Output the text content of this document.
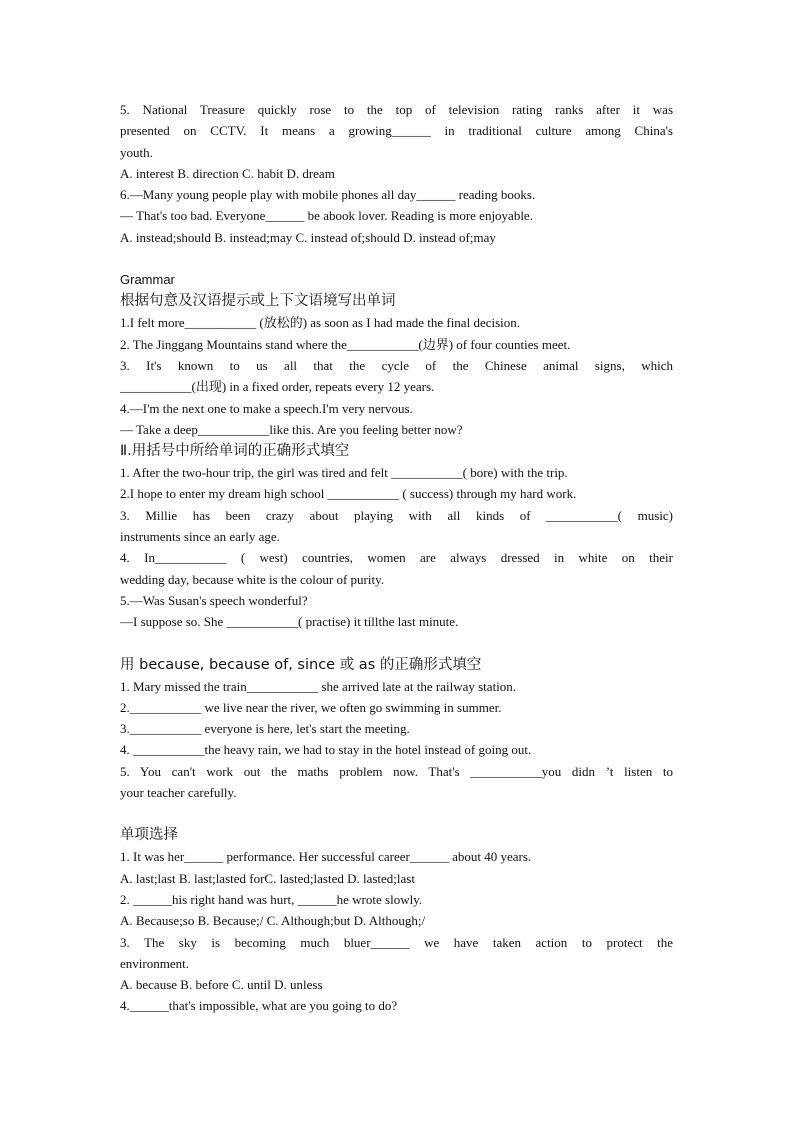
5. National Treasure quickly rose to the top of television rating ranks after it was
presented on CCTV. It means a growing______ in traditional culture among China's
youth.
A. interest B. direction C. habit D. dream
6.—Many young people play with mobile phones all day______ reading books.
— That's too bad. Everyone______ be abook lover. Reading is more enjoyable.
A. instead;should B. instead;may C. instead of;should D. instead of;may
Grammar
根据句意及汉语提示或上下文语境写出单词
1.I felt more___________ (放松的) as soon as I had made the final decision.
2. The Jinggang Mountains stand where the___________(边界) of four counties meet.
3. It's known to us all that the cycle of the Chinese animal signs, which
___________(出现) in a fixed order, repeats every 12 years.
4.—I'm the next one to make a speech.I'm very nervous.
— Take a deep___________like this. Are you feeling better now?
Ⅱ.用括号中所给单词的正确形式填空
1. After the two-hour trip, the girl was tired and felt ___________( bore) with the trip.
2.I hope to enter my dream high school ___________ ( success) through my hard work.
3. Millie has been crazy about playing with all kinds of ___________( music)
instruments since an early age.
4. In___________ ( west) countries, women are always dressed in white on their
wedding day, because white is the colour of purity.
5.—Was Susan's speech wonderful?
—I suppose so. She ___________( practise) it tillthe last minute.
用 because, because of, since 或 as 的正确形式填空
1. Mary missed the train___________ she arrived late at the railway station.
2.___________ we live near the river, we often go swimming in summer.
3.___________ everyone is here, let's start the meeting.
4. ___________the heavy rain, we had to stay in the hotel instead of going out.
5. You can't work out the maths problem now. That's ___________you didn ’t listen to
your teacher carefully.
单项选择
1. It was her______ performance. Her successful career______ about 40 years.
A. last;last B. last;lasted forC. lasted;lasted D. lasted;last
2. ______his right hand was hurt, ______he wrote slowly.
A. Because;so B. Because;/ C. Although;but D. Although;/
3. The sky is becoming much bluer______ we have taken action to protect the
environment.
A. because B. before C. until D. unless
4.______that's impossible, what are you going to do?
